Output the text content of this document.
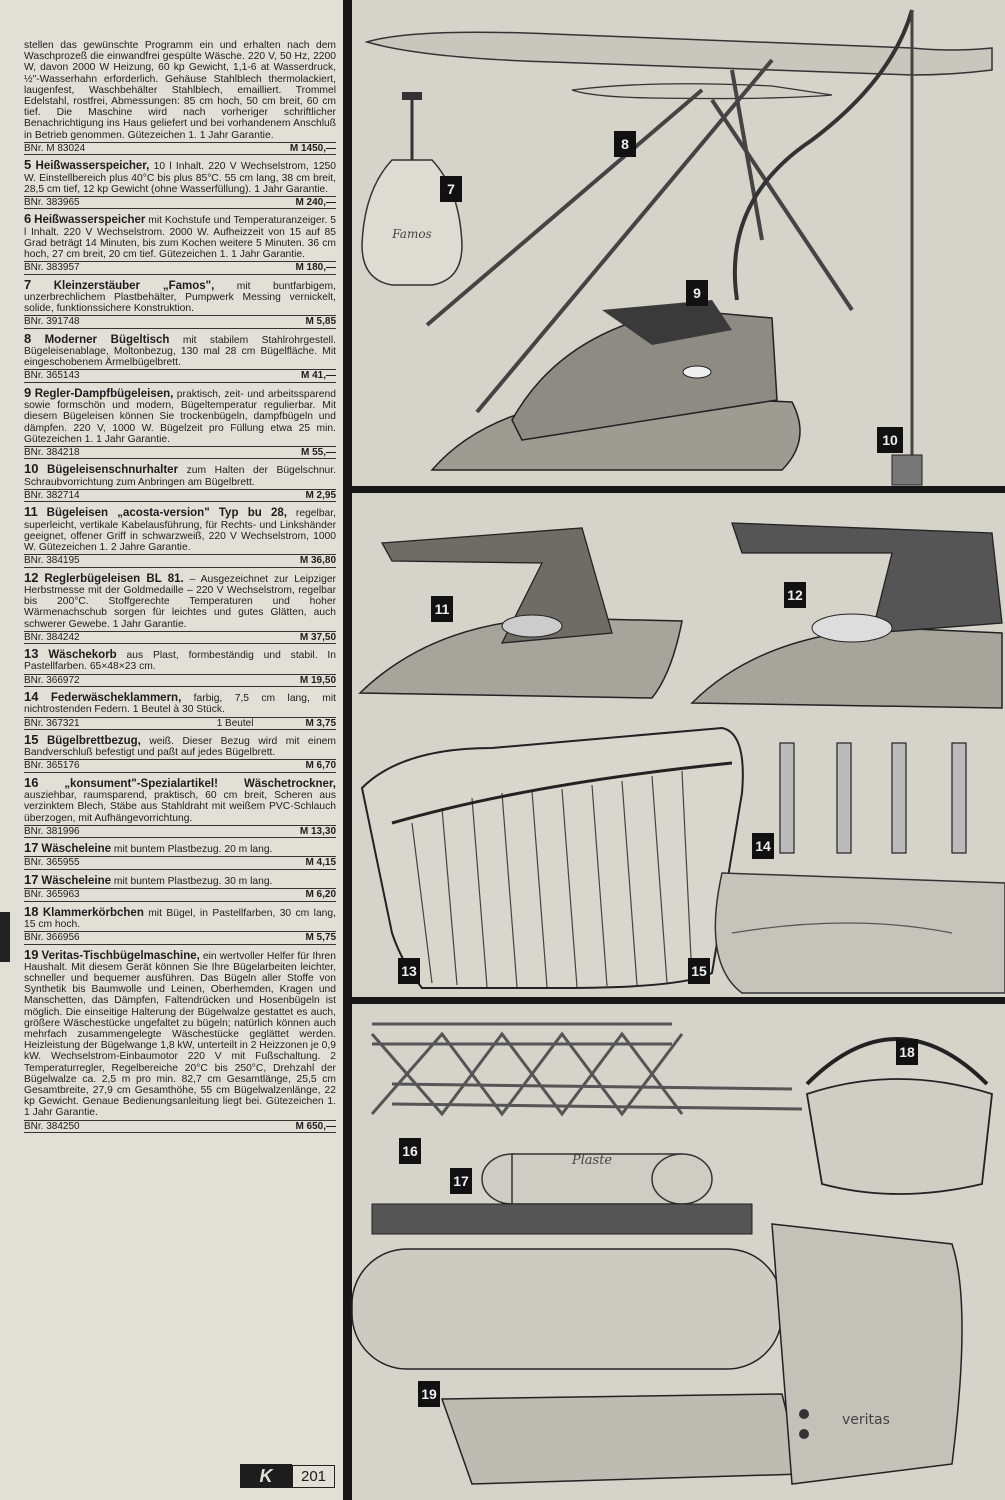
stellen das gewünschte Programm ein und erhalten nach dem Waschprozeß die einwandfrei gespülte Wäsche. 220 V, 50 Hz, 2200 W, davon 2000 W Heizung, 60 kp Gewicht, 1,1-6 at Wasserdruck, ½"-Wasserhahn erforderlich. Gehäuse Stahlblech thermolackiert, laugenfest, Waschbehälter Stahlblech, emailliert. Trommel Edelstahl, rostfrei, Abmessungen: 85 cm hoch, 50 cm breit, 60 cm tief. Die Maschine wird nach vorheriger schriftlicher Benachrichtigung ins Haus geliefert und bei vorhandenem Anschluß in Betrieb genommen. Gütezeichen 1. 1 Jahr Garantie.

BNr. M 83024	M 1450,—

5 Heißwasserspeicher, 10 l Inhalt. 220 V Wechselstrom, 1250 W. Einstellbereich plus 40°C bis plus 85°C. 55 cm lang, 38 cm breit, 28,5 cm tief, 12 kp Gewicht (ohne Wasserfüllung). 1 Jahr Garantie.

BNr. 383965	M 240,—

6 Heißwasserspeicher mit Kochstufe und Temperaturanzeiger. 5 l Inhalt. 220 V Wechselstrom. 2000 W. Aufheizzeit von 15 auf 85 Grad beträgt 14 Minuten, bis zum Kochen weitere 5 Minuten. 36 cm hoch, 27 cm breit, 20 cm tief. Gütezeichen 1. 1 Jahr Garantie.

BNr. 383957	M 180,—

7 Kleinzerstäuber „Famos", mit buntfarbigem, unzerbrechlichem Plastbehälter, Pumpwerk Messing vernickelt, solide, funktionssichere Konstruktion.

BNr. 391748	M 5,85

8 Moderner Bügeltisch mit stabilem Stahlrohrgestell. Bügeleisenablage, Moltonbezug, 130 mal 28 cm Bügelfläche. Mit eingeschobenem Ärmelbügelbrett.

BNr. 365143	M 41,—

9 Regler-Dampfbügeleisen, praktisch, zeit- und arbeitssparend sowie formschön und modern, Bügeltemperatur regulierbar. Mit diesem Bügeleisen können Sie trockenbügeln, dampfbügeln und dämpfen. 220 V, 1000 W. Bügelzeit pro Füllung etwa 25 min. Gütezeichen 1. 1 Jahr Garantie.

BNr. 384218	M 55,—

10 Bügeleisenschnurhalter zum Halten der Bügelschnur. Schraubvorrichtung zum Anbringen am Bügelbrett.

BNr. 382714	M 2,95

11 Bügeleisen „acosta-version" Typ bu 28, regelbar, superleicht, vertikale Kabelausführung, für Rechts- und Linkshänder geeignet, offener Griff in schwarzweiß, 220 V Wechselstrom, 1000 W. Gütezeichen 1. 2 Jahre Garantie.

BNr. 384195	M 36,80

12 Reglerbügeleisen BL 81. – Ausgezeichnet zur Leipziger Herbstmesse mit der Goldmedaille – 220 V Wechselstrom, regelbar bis 200°C. Stoffgerechte Temperaturen und hoher Wärmenachschub sorgen für leichtes und gutes Glätten, auch schwerer Gewebe. 1 Jahr Garantie.

BNr. 384242	M 37,50

13 Wäschekorb aus Plast, formbeständig und stabil. In Pastellfarben. 65×48×23 cm.

BNr. 366972	M 19,50

14 Federwäscheklammern, farbig, 7,5 cm lang, mit nichtrostenden Federn. 1 Beutel à 30 Stück.

BNr. 367321	1 Beutel	M 3,75

15 Bügelbrettbezug, weiß. Dieser Bezug wird mit einem Bandverschluß befestigt und paßt auf jedes Bügelbrett.

BNr. 365176	M 6,70

16 „konsument"-Spezialartikel! Wäschetrockner, ausziehbar, raumsparend, praktisch, 60 cm breit, Scheren aus verzinktem Blech, Stäbe aus Stahldraht mit weißem PVC-Schlauch überzogen, mit Aufhängevorrichtung.

BNr. 381996	M 13,30

17 Wäscheleine mit buntem Plastbezug. 20 m lang.

BNr. 365955	M 4,15

17 Wäscheleine mit buntem Plastbezug. 30 m lang.

BNr. 365963	M 6,20

18 Klammerkörbchen mit Bügel, in Pastellfarben, 30 cm lang, 15 cm hoch.

BNr. 366956	M 5,75

19 Veritas-Tischbügelmaschine, ein wertvoller Helfer für Ihren Haushalt. Mit diesem Gerät können Sie Ihre Bügelarbeiten leichter, schneller und bequemer ausführen. Das Bügeln aller Stoffe von Synthetik bis Baumwolle und Leinen, Oberhemden, Kragen und Manschetten, das Dämpfen, Faltendrücken und Hosenbügeln ist möglich. Die einseitige Halterung der Bügelwalze gestattet es auch, größere Wäschestücke ungefaltet zu bügeln; natürlich können auch mehrfach zusammengelegte Wäschestücke geglättet werden. Heizleistung der Bügelwange 1,8 kW, unterteilt in 2 Heizzonen je 0,9 kW. Wechselstrom-Einbaumotor 220 V mit Fußschaltung. 2 Temperaturregler, Regelbereiche 20°C bis 250°C, Drehzahl der Bügelwalze ca. 2,5 m pro min. 82,7 cm Gesamtlänge, 25,5 cm Gesamtbreite, 27,9 cm Gesamthöhe, 55 cm Bügelwalzenlänge, 22 kp Gewicht. Genaue Bedienungsanleitung liegt bei. Gütezeichen 1. 1 Jahr Garantie.

BNr. 384250	M 650,—
K	201
Famos
7
8
9
10
11
12
13
14
15
Plaste
veritas
16
17
18
19
